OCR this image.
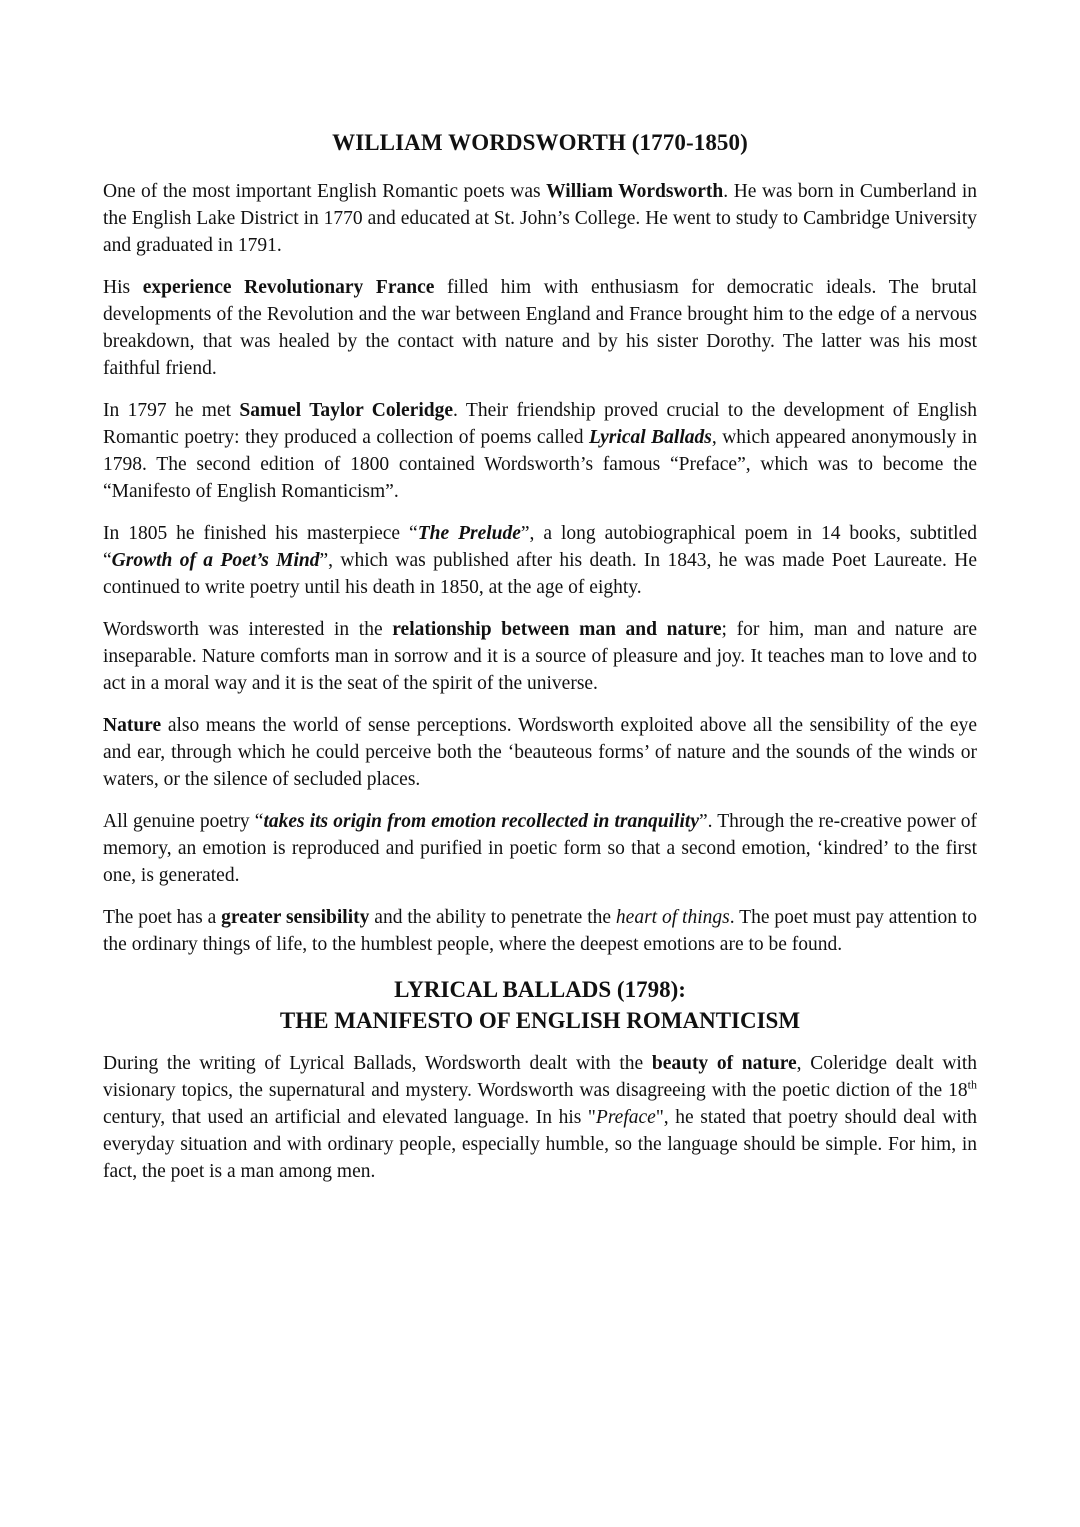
WILLIAM WORDSWORTH (1770-1850)

One of the most important English Romantic poets was William Wordsworth. He was born in Cumberland in the English Lake District in 1770 and educated at St. John’s College. He went to study to Cambridge University and graduated in 1791.

His experience Revolutionary France filled him with enthusiasm for democratic ideals. The brutal developments of the Revolution and the war between England and France brought him to the edge of a nervous breakdown, that was healed by the contact with nature and by his sister Dorothy. The latter was his most faithful friend.

In 1797 he met Samuel Taylor Coleridge. Their friendship proved crucial to the development of English Romantic poetry: they produced a collection of poems called Lyrical Ballads, which appeared anonymously in 1798. The second edition of 1800 contained Wordsworth’s famous “Preface”, which was to become the “Manifesto of English Romanticism”.

In 1805 he finished his masterpiece “The Prelude”, a long autobiographical poem in 14 books, subtitled “Growth of a Poet’s Mind”, which was published after his death. In 1843, he was made Poet Laureate. He continued to write poetry until his death in 1850, at the age of eighty.

Wordsworth was interested in the relationship between man and nature; for him, man and nature are inseparable. Nature comforts man in sorrow and it is a source of pleasure and joy. It teaches man to love and to act in a moral way and it is the seat of the spirit of the universe.

Nature also means the world of sense perceptions. Wordsworth exploited above all the sensibility of the eye and ear, through which he could perceive both the ‘beauteous forms’ of nature and the sounds of the winds or waters, or the silence of secluded places.

All genuine poetry “takes its origin from emotion recollected in tranquility”. Through the re-creative power of memory, an emotion is reproduced and purified in poetic form so that a second emotion, ‘kindred’ to the first one, is generated.

The poet has a greater sensibility and the ability to penetrate the heart of things. The poet must pay attention to the ordinary things of life, to the humblest people, where the deepest emotions are to be found.

LYRICAL BALLADS (1798):
THE MANIFESTO OF ENGLISH ROMANTICISM

During the writing of Lyrical Ballads, Wordsworth dealt with the beauty of nature, Coleridge dealt with visionary topics, the supernatural and mystery. Wordsworth was disagreeing with the poetic diction of the 18th century, that used an artificial and elevated language. In his "Preface", he stated that poetry should deal with everyday situation and with ordinary people, especially humble, so the language should be simple. For him, in fact, the poet is a man among men.
